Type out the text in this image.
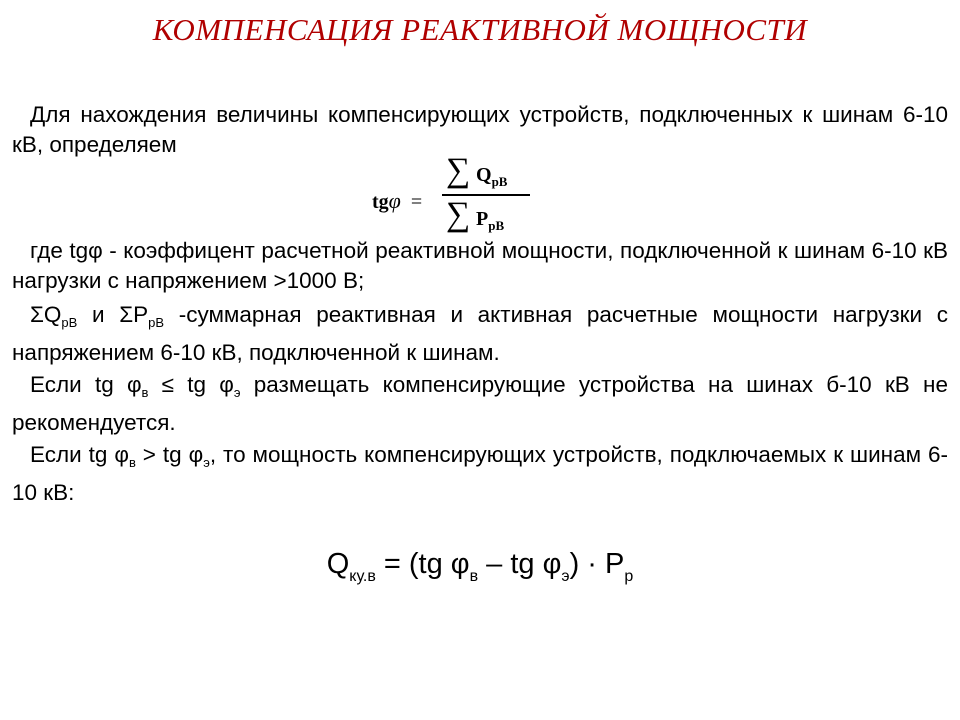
КОМПЕНСАЦИЯ РЕАКТИВНОЙ МОЩНОСТИ
Для нахождения величины компенсирующих устройств, подключенных к шинам 6-10 кВ, определяем
tgφ =
∑ $Q_{рВ}$
∑ $P_{рВ}$
где tgφ - коэффицент расчетной реактивной мощности, подключенной к шинам 6-10 кВ нагрузки с напряжением >1000 В;
$\Sigma Q_{рВ}$ и $\Sigma P_{рВ}$ -суммарная реактивная и активная расчетные мощности нагрузки с напряжением 6-10 кВ, подключенной к шинам.
Если tg $\varphi_в$ ≤ tg $\varphi_э$ размещать компенсирующие устройства на шинах б-10 кВ не рекомендуется.
Если tg $\varphi_в$ > tg $\varphi_э$, то мощность компенсирующих устройств, подключаемых к шинам 6-10 кВ:
$Q_{ку.в} = (tg$ $\varphi_в$ – tg $\varphi_э) \cdot P_р$
